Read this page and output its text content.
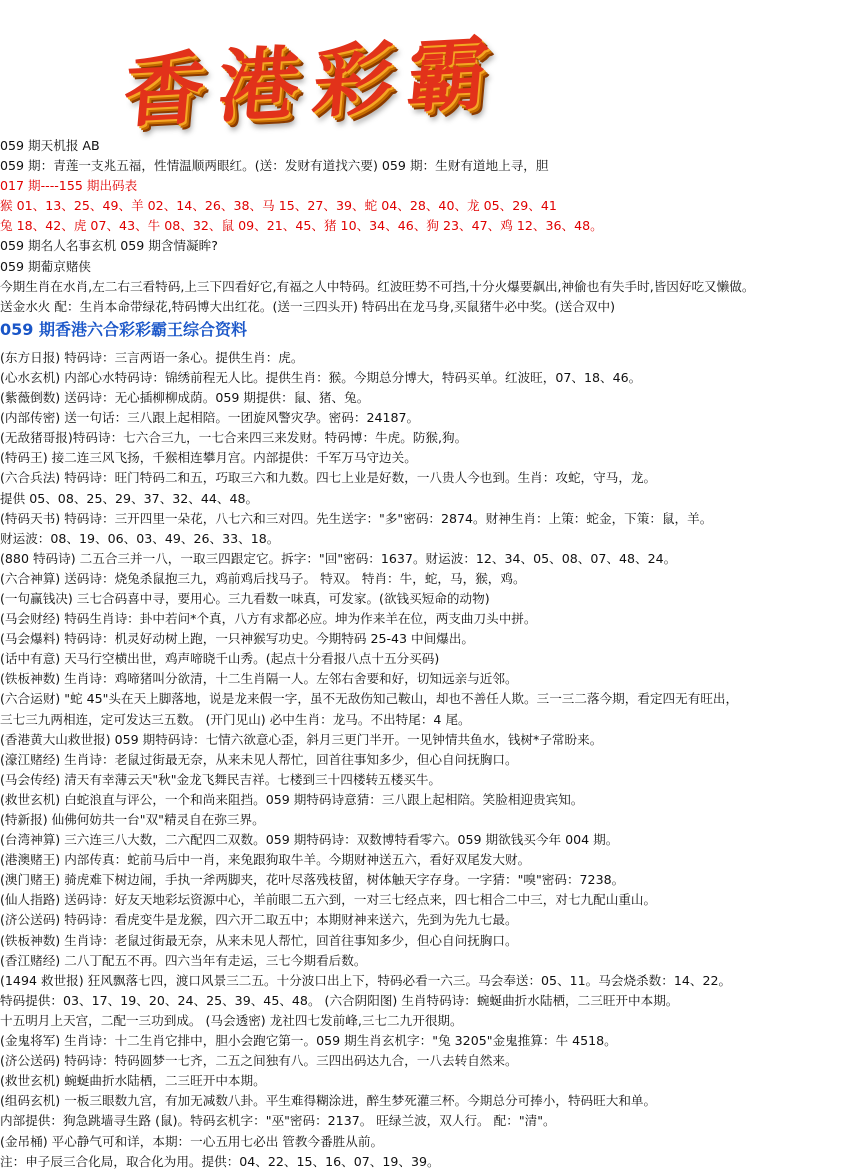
香港彩霸
059 期天机报 AB
059 期：青莲一支兆五福，性情温顺两眼红。(送：发财有道找六要) 059 期：生财有道地上寻，胆
017 期----155 期出码表
猴 01、13、25、49、羊 02、14、26、38、马 15、27、39、蛇 04、28、40、龙 05、29、41
兔 18、42、虎 07、43、牛 08、32、鼠 09、21、45、猪 10、34、46、狗 23、47、鸡 12、36、48。
059 期名人名事玄机 059 期含情凝眸?
059 期葡京赌侠
今期生肖在水肖,左二右三看特码,上三下四看好它,有福之人中特码。红波旺势不可挡,十分火爆要飙出,神偷也有失手时,皆因好吃又懒做。
送金水火 配：生肖本命带绿花,特码博大出红花。(送一三四头开) 特码出在龙马身,买鼠猪牛必中奖。(送合双中)
059 期香港六合彩彩霸王综合资料
(东方日报) 特码诗：三言两语一条心。提供生肖：虎。
(心水玄机) 内部心水特码诗：锦绣前程无人比。提供生肖：猴。今期总分博大，特码买单。红波旺，07、18、46。
(紫薇倒数) 送码诗：无心插柳柳成荫。059 期提供：鼠、猪、兔。
(内部传密) 送一句话：三八跟上起相陪。一团旋风警灾孕。密码：24187。
(无敌猪哥报)特码诗：七六合三九，一七合来四三来发财。特码博：牛虎。防猴,狗。
(特码王) 接二连三风飞扬，千猴相连攀月宫。内部提供：千军万马守边关。
(六合兵法) 特码诗：旺门特码二和五，巧取三六和九数。四七上业是好数，一八贵人今也到。生肖：攻蛇，守马，龙。
提供 05、08、25、29、37、32、44、48。
(特码天书) 特码诗：三开四里一朵花，八七六和三对四。先生送字："多"密码：2874。财神生肖：上策：蛇金，下策：鼠，羊。
财运波：08、19、06、03、49、26、33、18。
(880 特码诗) 二五合三并一八，一取三四跟定它。拆字："回"密码：1637。财运波：12、34、05、08、07、48、24。
(六合神算) 送码诗：烧兔杀鼠抱三九，鸡前鸡后找马子。 特双。 特肖：牛，蛇，马，猴，鸡。
(一句赢钱决) 三七合码喜中寻，要用心。三九看数一味真，可发家。(欲钱买短命的动物)
(马会财经) 特码生肖诗：卦中若问*个真，八方有求都必应。坤为作来羊在位，两支曲刀头中拼。
(马会爆料) 特码诗：机灵好动树上跑，一只神猴写功史。今期特码 25-43 中间爆出。
(话中有意) 天马行空横出世，鸡声啼晓千山秀。(起点十分看报八点十五分买码)
(铁板神数) 生肖诗：鸡啼猪叫分欲清，十二生肖隔一人。左邻右舍要和好，切知远亲与近邻。
(六合运财) "蛇 45"头在天上脚落地，说是龙来假一字，虽不无敌伤知己鞍山，却也不善任人欺。三一三二落今期，看定四无有旺出，
三七三九两相连，定可发达三五数。 (开门见山) 必中生肖：龙马。不出特尾：4 尾。
(香港黄大山救世报) 059 期特码诗：七情六欲意心歪，斜月三更门半开。一见钟情共鱼水，钱树*子常盼来。
(濠江赌经) 生肖诗：老鼠过街最无奈，从来未见人帮忙，回首往事知多少，但心自问抚胸口。
(马会传经) 清天有幸薄云天"秋"金龙飞舞民吉祥。七楼到三十四楼转五楼买牛。
(救世玄机) 白蛇浪直与评公，一个和尚来阻挡。059 期特码诗意猜：三八跟上起相陪。笑脸相迎贵宾知。
(特新报) 仙佛何妨共一台"双"精灵自在弥三界。
(台湾神算) 三六连三八大数，二六配四二双数。059 期特码诗：双数博特看零六。059 期欲钱买今年 004 期。
(港澳赌王) 内部传真：蛇前马后中一肖，来兔跟狗取牛羊。今期财神送五六，看好双尾发大财。
(澳门赌王) 骑虎难下树边闹，手执一斧两脚夹，花叶尽落残枝留，树体触天字存身。一字猜："嗅"密码：7238。
(仙人指路) 送码诗：好友天地彩坛资源中心，羊前眼二五六到，一对三七经点来，四七相合二中三，对七九配山重山。
(济公送码) 特码诗：看虎变牛是龙猴，四六开二取五中；本期财神来送六，先到为先九七最。
(铁板神数) 生肖诗：老鼠过街最无奈，从来未见人帮忙，回首往事知多少，但心自问抚胸口。
(香江赌经) 二八丁配五不再。四六当年有走运，三七今期看后数。
(1494 救世报) 狂风飘落七四，渡口风景三二五。十分波口出上下，特码必看一六三。马会奉送：05、11。马会烧杀数：14、22。
特码提供：03、17、19、20、24、25、39、45、48。 (六合阴阳图) 生肖特码诗：蜿蜒曲折水陆栖，二三旺开中本期。
十五明月上天宫，二配一三功到成。 (马会透密) 龙社四七发前峰,三七二九开很期。
(金鬼将军) 生肖诗：十二生肖它排中，胆小会跑它第一。059 期生肖玄机字："兔 3205"金鬼推算：牛 4518。
(济公送码) 特码诗：特码圆梦一七齐，二五之间独有八。三四出码达九合，一八去转自然来。
(救世玄机) 蜿蜒曲折水陆栖，二三旺开中本期。
(组码玄机) 一板三眼数九宫，有加无减数八卦。平生难得糊涂进，醉生梦死灌三杯。今期总分可捧小，特码旺大和单。
内部提供：狗急跳墙寻生路 (鼠)。特码玄机字："巫"密码：2137。 旺绿兰波，双人行。 配："清"。
(金吊桶) 平心静气可和详，本期：一心五用七必出 管教今番胜从前。
注：申子辰三合化局，取合化为用。提供：04、22、15、16、07、19、39。
